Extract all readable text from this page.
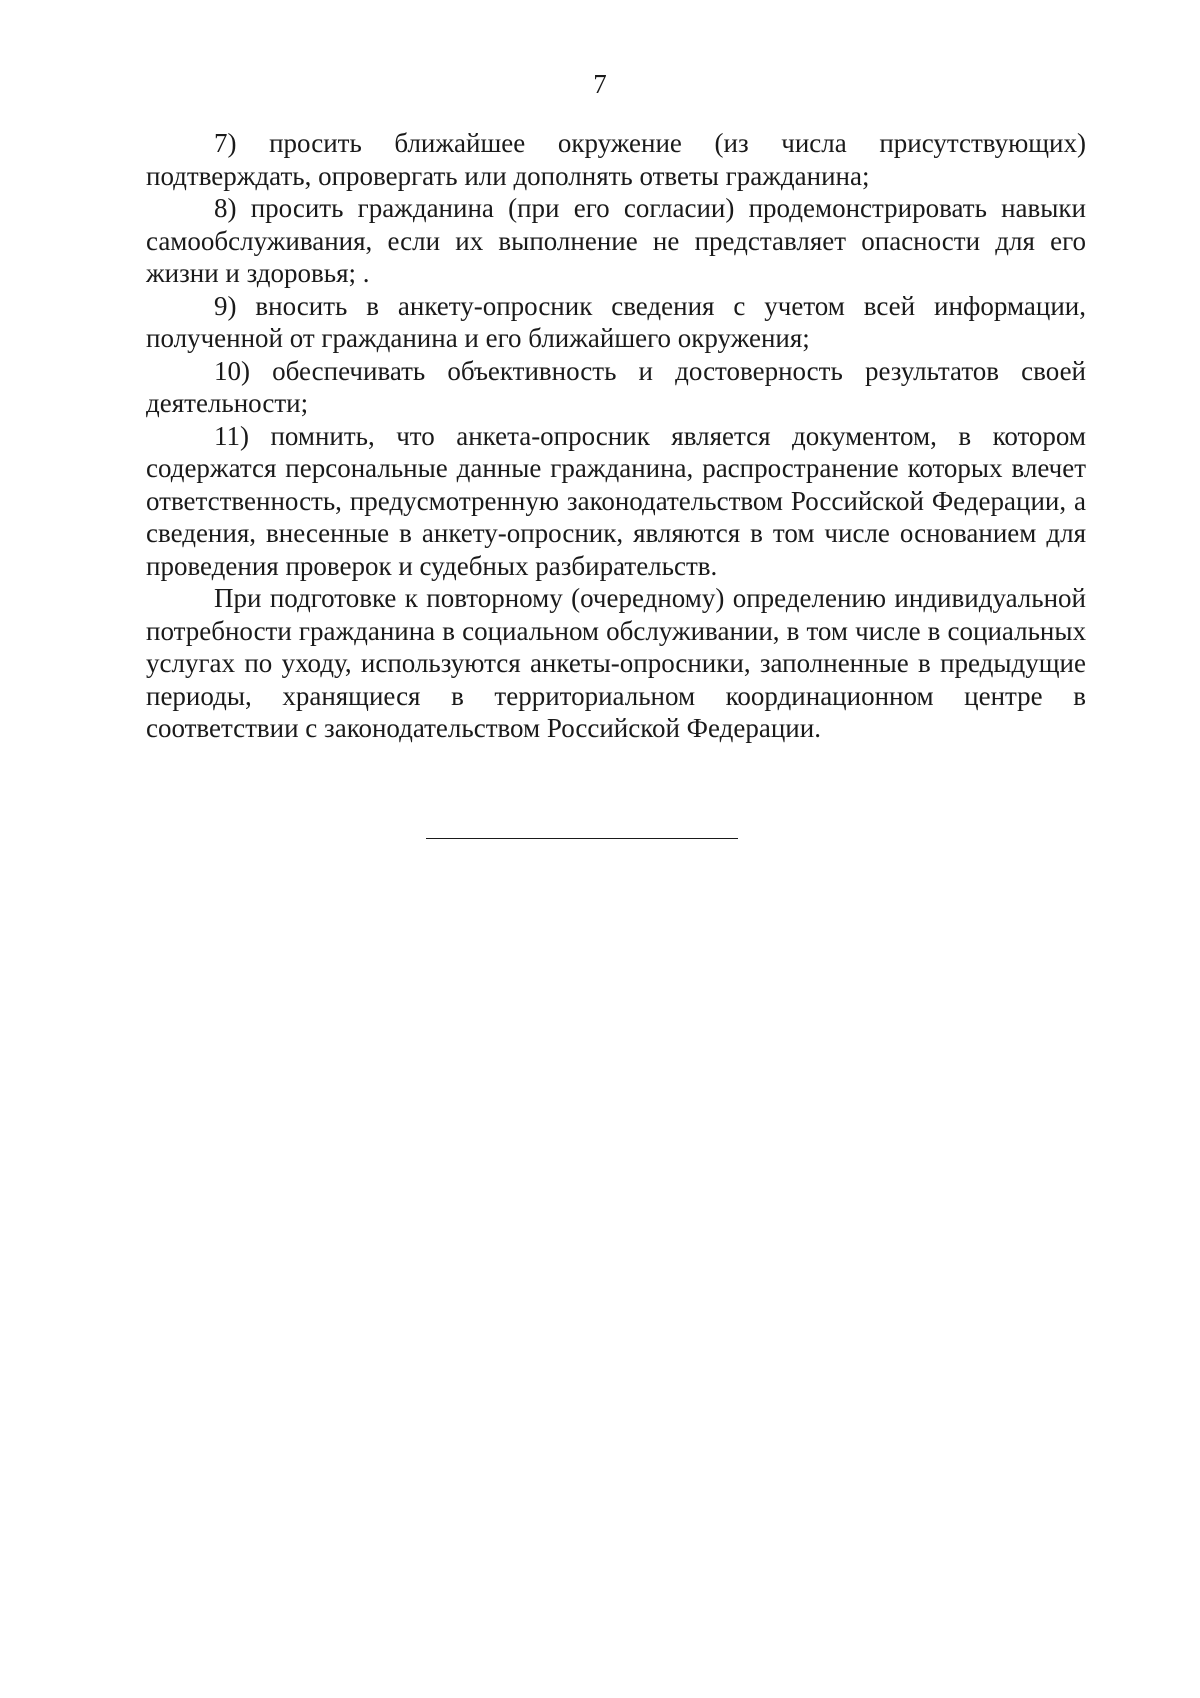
7

7) просить ближайшее окружение (из числа присутствующих) подтверждать, опровергать или дополнять ответы гражданина;

8) просить гражданина (при его согласии) продемонстрировать навыки самообслуживания, если их выполнение не представляет опасности для его жизни и здоровья; .

9) вносить в анкету-опросник сведения с учетом всей информации, полученной от гражданина и его ближайшего окружения;

10) обеспечивать объективность и достоверность результатов своей деятельности;

11) помнить, что анкета-опросник является документом, в котором содержатся персональные данные гражданина, распространение которых влечет ответственность, предусмотренную законодательством Российской Федерации, а сведения, внесенные в анкету-опросник, являются в том числе основанием для проведения проверок и судебных разбирательств.

При подготовке к повторному (очередному) определению индивидуальной потребности гражданина в социальном обслуживании, в том числе в социальных услугах по уходу, используются анкеты-опросники, заполненные в предыдущие периоды, хранящиеся в территориальном координационном центре в соответствии с законодательством Российской Федерации.
